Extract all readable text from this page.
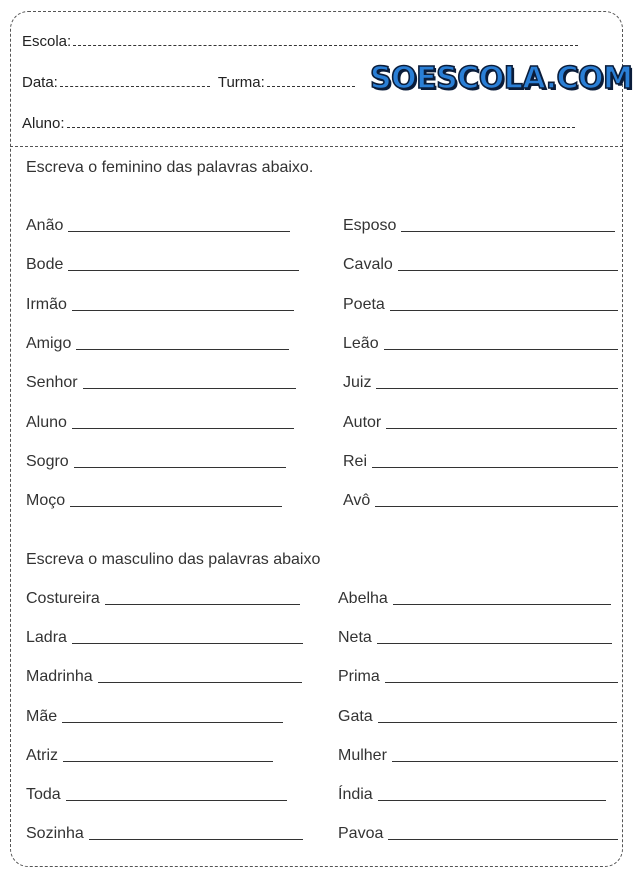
Escola:
Data:	Turma:	SOESCOLA.COM
Aluno:
Escreva o feminino das palavras abaixo.
Escreva o masculino das palavras abaixo
Anão
Bode
Irmão
Amigo
Senhor
Aluno
Sogro
Moço
Esposo
Cavalo
Poeta
Leão
Juiz
Autor
Rei
Avô
Costureira
Ladra
Madrinha
Mãe
Atriz
Toda
Sozinha
Abelha
Neta
Prima
Gata
Mulher
Índia
Pavoa
